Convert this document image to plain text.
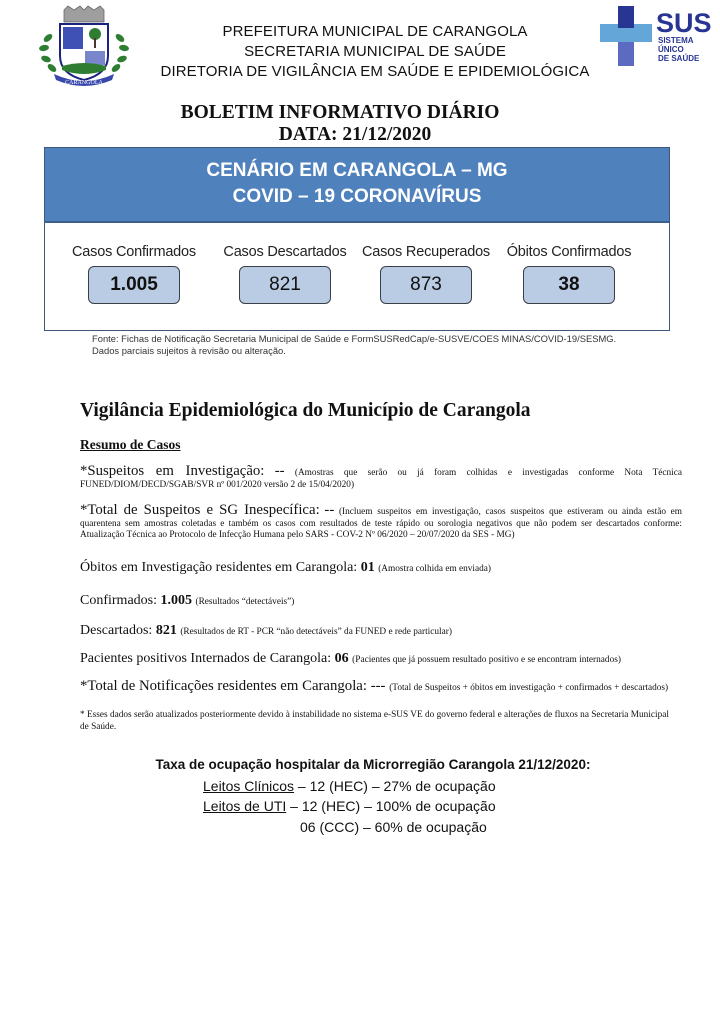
CARANGOLA
SUS
SISTEMA
ÚNICO
DE SAÚDE
PREFEITURA MUNICIPAL DE CARANGOLA
SECRETARIA MUNICIPAL DE SAÚDE
DIRETORIA DE VIGILÂNCIA EM SAÚDE E EPIDEMIOLÓGICA
BOLETIM INFORMATIVO DIÁRIO
DATA: 21/12/2020
CENÁRIO EM CARANGOLA – MG
COVID – 19 CORONAVÍRUS
Casos Confirmados
1.005
Casos Descartados
821
Casos Recuperados
873
Óbitos Confirmados
38
Fonte: Fichas de Notificação Secretaria Municipal de Saúde e FormSUSRedCap/e-SUSVE/COES MINAS/COVID-19/SESMG.
Dados parciais sujeitos à revisão ou alteração.
Vigilância Epidemiológica do Município de Carangola
Resumo de Casos
*Suspeitos em Investigação: -- (Amostras que serão ou já foram colhidas e investigadas conforme Nota Técnica FUNED/DIOM/DECD/SGAB/SVR nº 001/2020 versão 2 de 15/04/2020)
*Total de Suspeitos e SG Inespecífica: -- (Incluem suspeitos em investigação, casos suspeitos que estiveram ou ainda estão em quarentena sem amostras coletadas e também os casos com resultados de teste rápido ou sorologia negativos que não podem ser descartados conforme: Atualização Técnica ao Protocolo de Infecção Humana pelo SARS - COV-2 Nº 06/2020 – 20/07/2020 da SES - MG)
Óbitos em Investigação residentes em Carangola: 01 (Amostra colhida em enviada)
Confirmados: 1.005 (Resultados “detectáveis”)
Descartados: 821 (Resultados de RT - PCR “não detectáveis” da FUNED e rede particular)
Pacientes positivos Internados de Carangola: 06 (Pacientes que já possuem resultado positivo e se encontram internados)
*Total de Notificações residentes em Carangola: --- (Total de Suspeitos + óbitos em investigação + confirmados + descartados)
* Esses dados serão atualizados posteriormente devido à instabilidade no sistema e-SUS VE do governo federal e alterações de fluxos na Secretaria Municipal de Saúde.
Taxa de ocupação hospitalar da Microrregião Carangola 21/12/2020:
Leitos Clínicos – 12 (HEC) – 27% de ocupação
Leitos de UTI – 12 (HEC) – 100% de ocupação
06 (CCC) – 60% de ocupação
